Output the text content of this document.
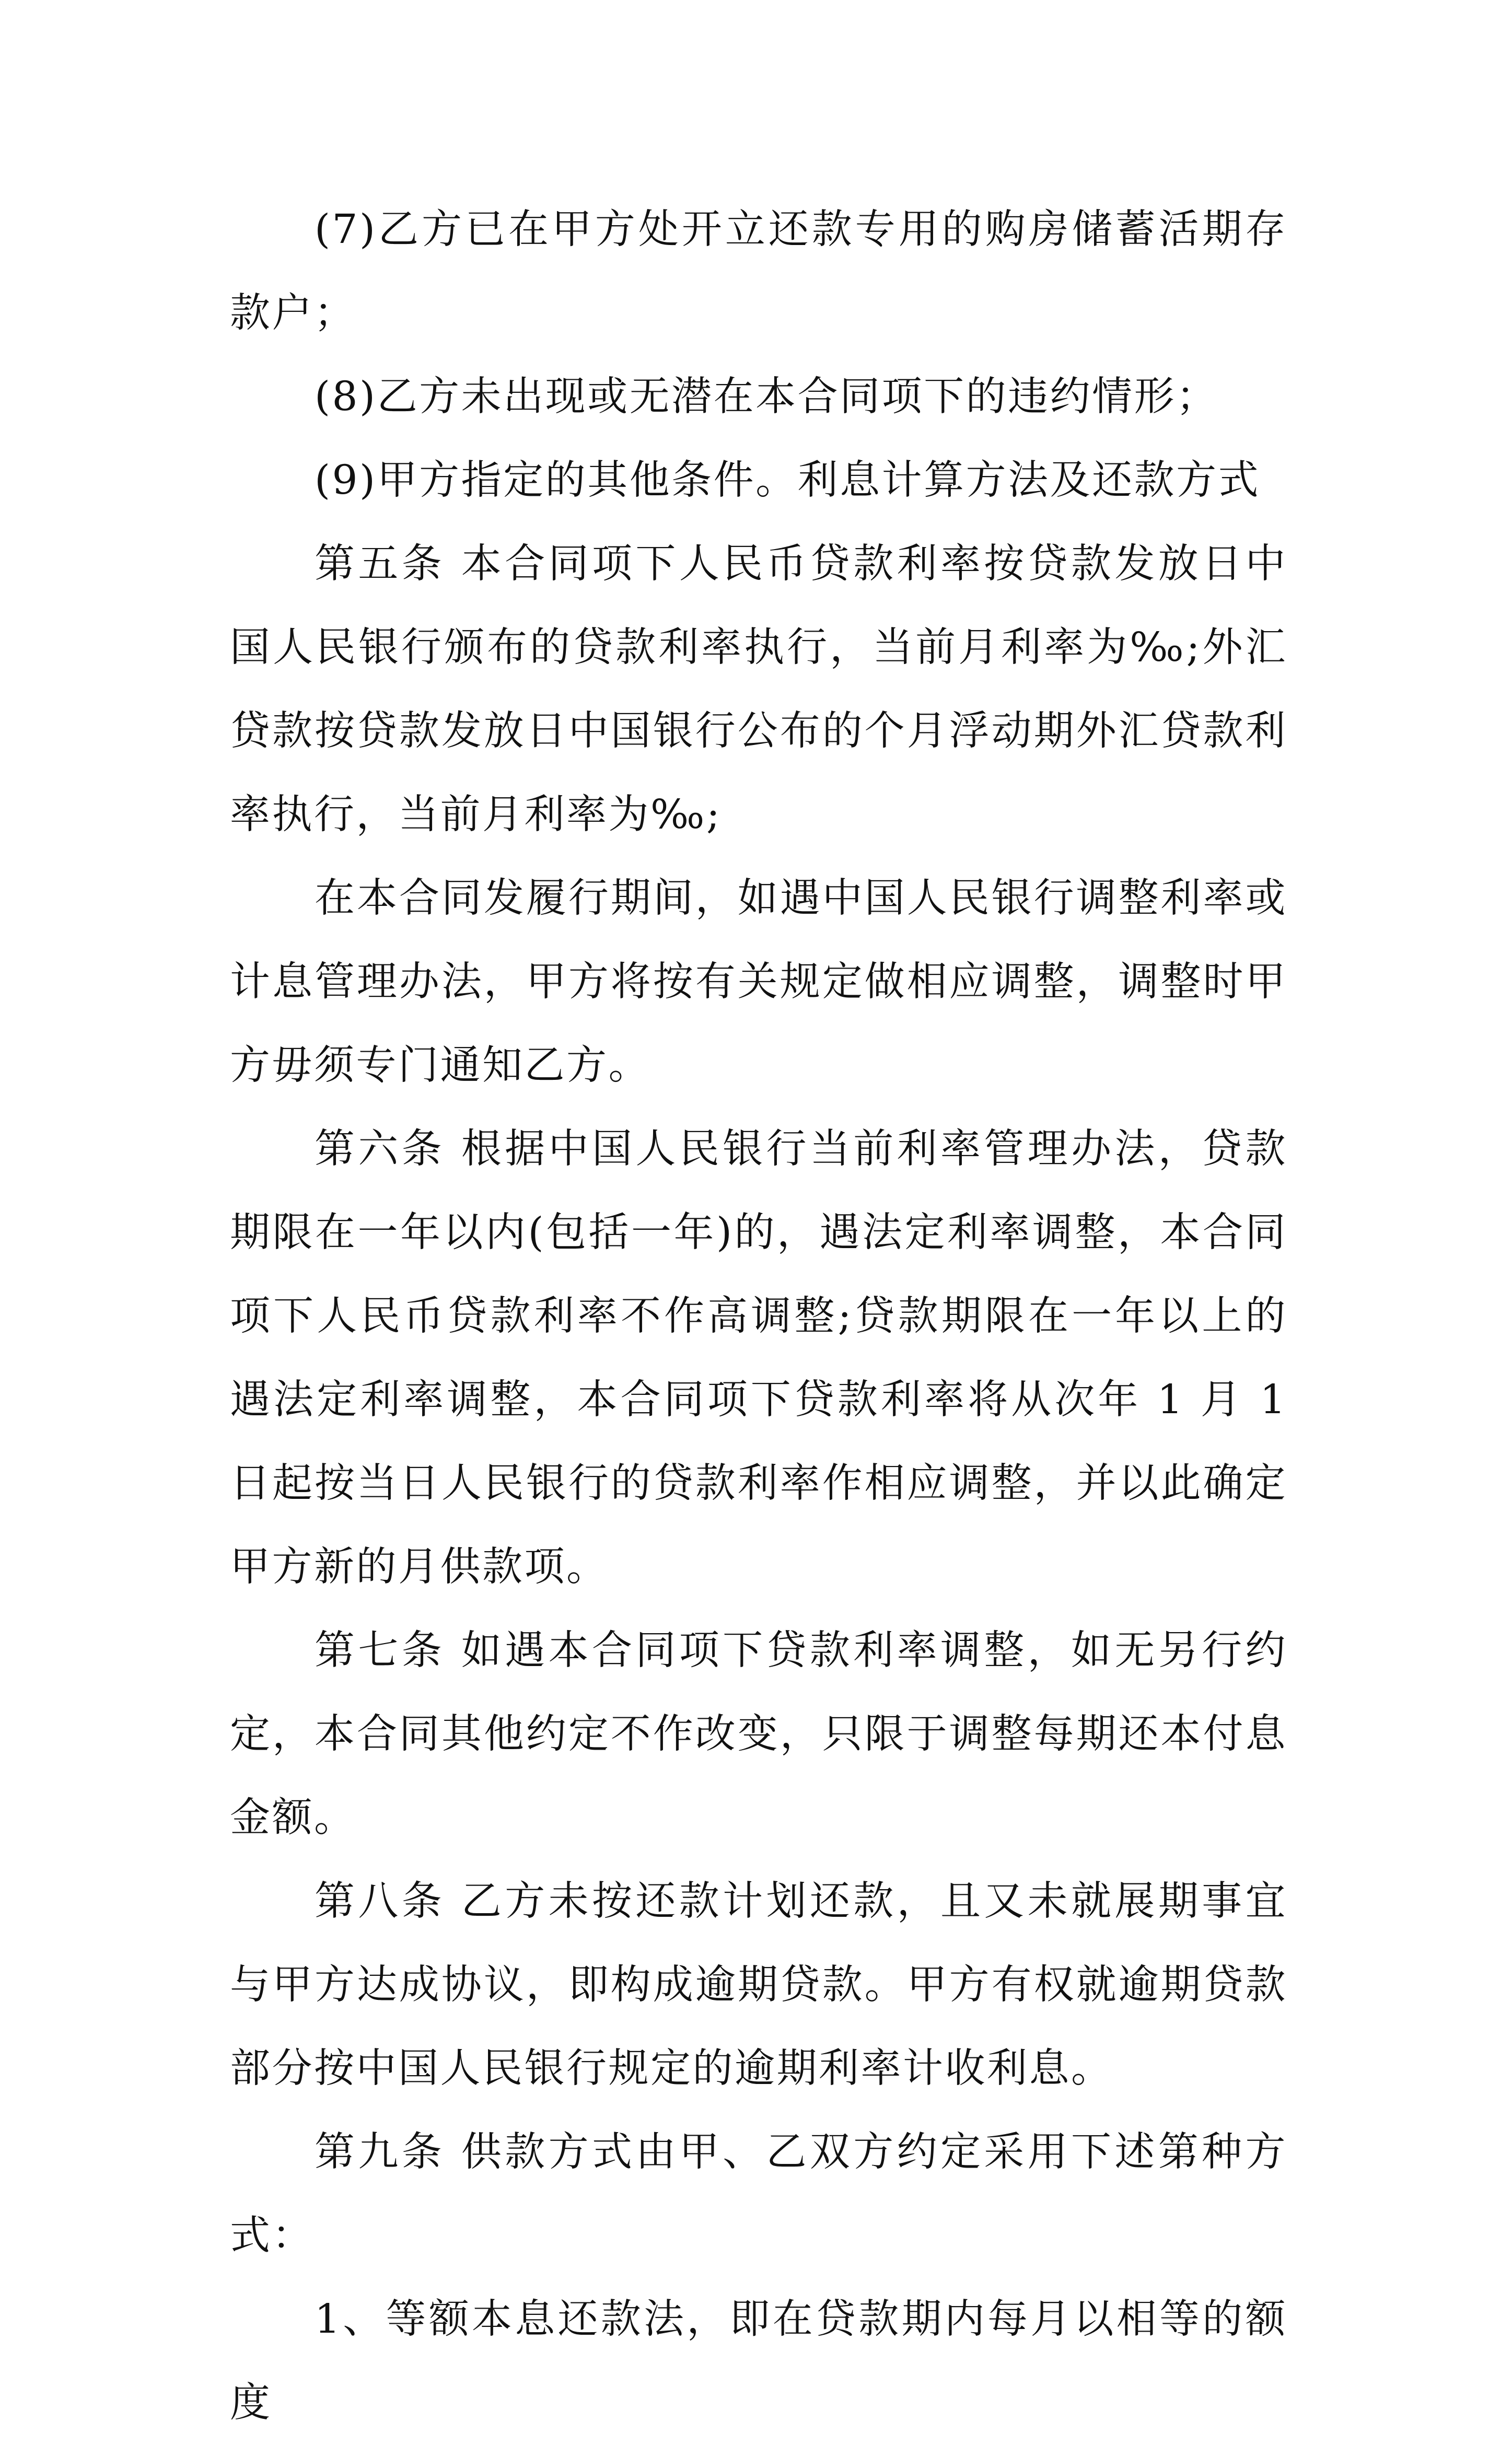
(7)乙方已在甲方处开立还款专用的购房储蓄活期存款户；

(8)乙方未出现或无潜在本合同项下的违约情形；

(9)甲方指定的其他条件。利息计算方法及还款方式

第五条 本合同项下人民币贷款利率按贷款发放日中国人民银行颁布的贷款利率执行，当前月利率为‰;外汇贷款按贷款发放日中国银行公布的个月浮动期外汇贷款利率执行，当前月利率为‰;

在本合同发履行期间，如遇中国人民银行调整利率或计息管理办法，甲方将按有关规定做相应调整，调整时甲方毋须专门通知乙方。

第六条 根据中国人民银行当前利率管理办法，贷款期限在一年以内(包括一年)的，遇法定利率调整，本合同项下人民币贷款利率不作高调整;贷款期限在一年以上的遇法定利率调整，本合同项下贷款利率将从次年 1 月 1 日起按当日人民银行的贷款利率作相应调整，并以此确定甲方新的月供款项。

第七条 如遇本合同项下贷款利率调整，如无另行约定，本合同其他约定不作改变，只限于调整每期还本付息金额。

第八条 乙方未按还款计划还款，且又未就展期事宜与甲方达成协议，即构成逾期贷款。甲方有权就逾期贷款部分按中国人民银行规定的逾期利率计收利息。

第九条 供款方式由甲、乙双方约定采用下述第种方式：

1、等额本息还款法，即在贷款期内每月以相等的额度
